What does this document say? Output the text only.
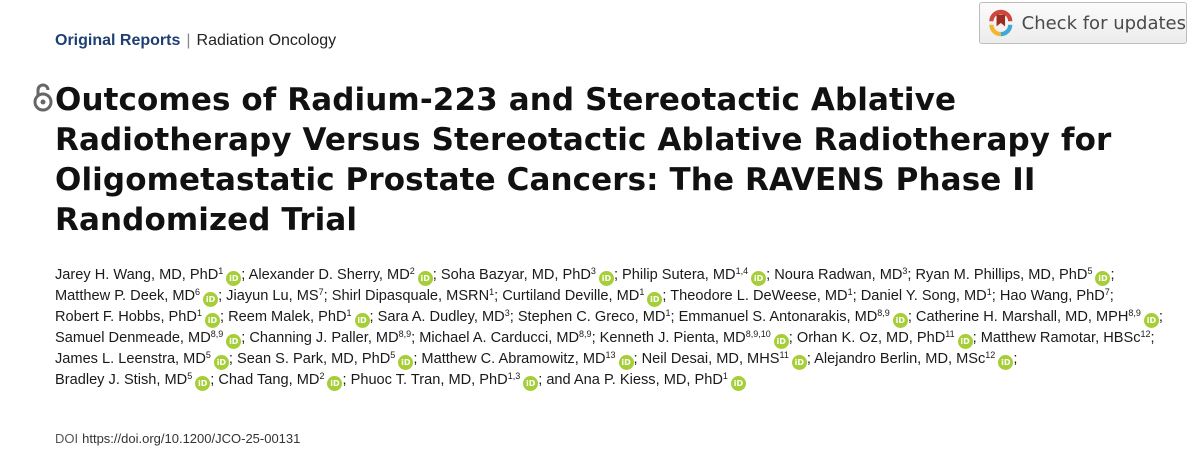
Original Reports | Radiation Oncology
Check for updates
Outcomes of Radium-223 and Stereotactic Ablative Radiotherapy Versus Stereotactic Ablative Radiotherapy for Oligometastatic Prostate Cancers: The RAVENS Phase II Randomized Trial
Jarey H. Wang, MD, PhD$^1$iD ; Alexander D. Sherry, $MD^2iD$ ; Soha Bazyar, MD, PhD$^3$iD ; Philip Sutera, MD$^{1,4}$iD ; Noura Radwan, $MD^3$; Ryan M. Phillips, MD, PhD$^5$iD ; Matthew P. Deek, $MD^6iD$ ; Jiayun Lu, $MS^7$; Shirl Dipasquale, MSRN$^1$; Curtiland Deville, $MD^1iD$ ; Theodore L. DeWeese, $MD^1$; Daniel Y. Song, $MD^1$; Hao Wang, PhD$^7$; Robert F. Hobbs, PhD$^1$iD ; Reem Malek, PhD$^1$iD ; Sara A. Dudley, $MD^3$; Stephen C. Greco, $MD^1$; Emmanuel S. Antonarakis, MD$^{8,9}$iD ; Catherine H. Marshall, MD, MPH$^{8,9}$iD ; Samuel Denmeade, MD$^{8,9}$iD ; Channing J. Paller, MD$^{8,9}$; Michael A. Carducci, MD$^{8,9}$; Kenneth J. Pienta, MD$^{8,9,10}$iD ; Orhan K. Oz, MD, PhD$^{11}$iD ; Matthew Ramotar, HBSc$^{12}$; James L. Leenstra, $MD^5iD$ ; Sean S. Park, MD, PhD$^5$iD ; Matthew C. Abramowitz, MD$^{13}$iD ; Neil Desai, MD, MHS$^{11}$iD ; Alejandro Berlin, MD, MSc$^{12}$iD ; Bradley J. Stish, $MD^5iD$ ; Chad Tang, $MD^2iD$ ; Phuoc T. Tran, MD, PhD$^{1,3}$iD ; and Ana P. Kiess, MD, PhD$^1$iD
DOI https://doi.org/10.1200/JCO-25-00131
